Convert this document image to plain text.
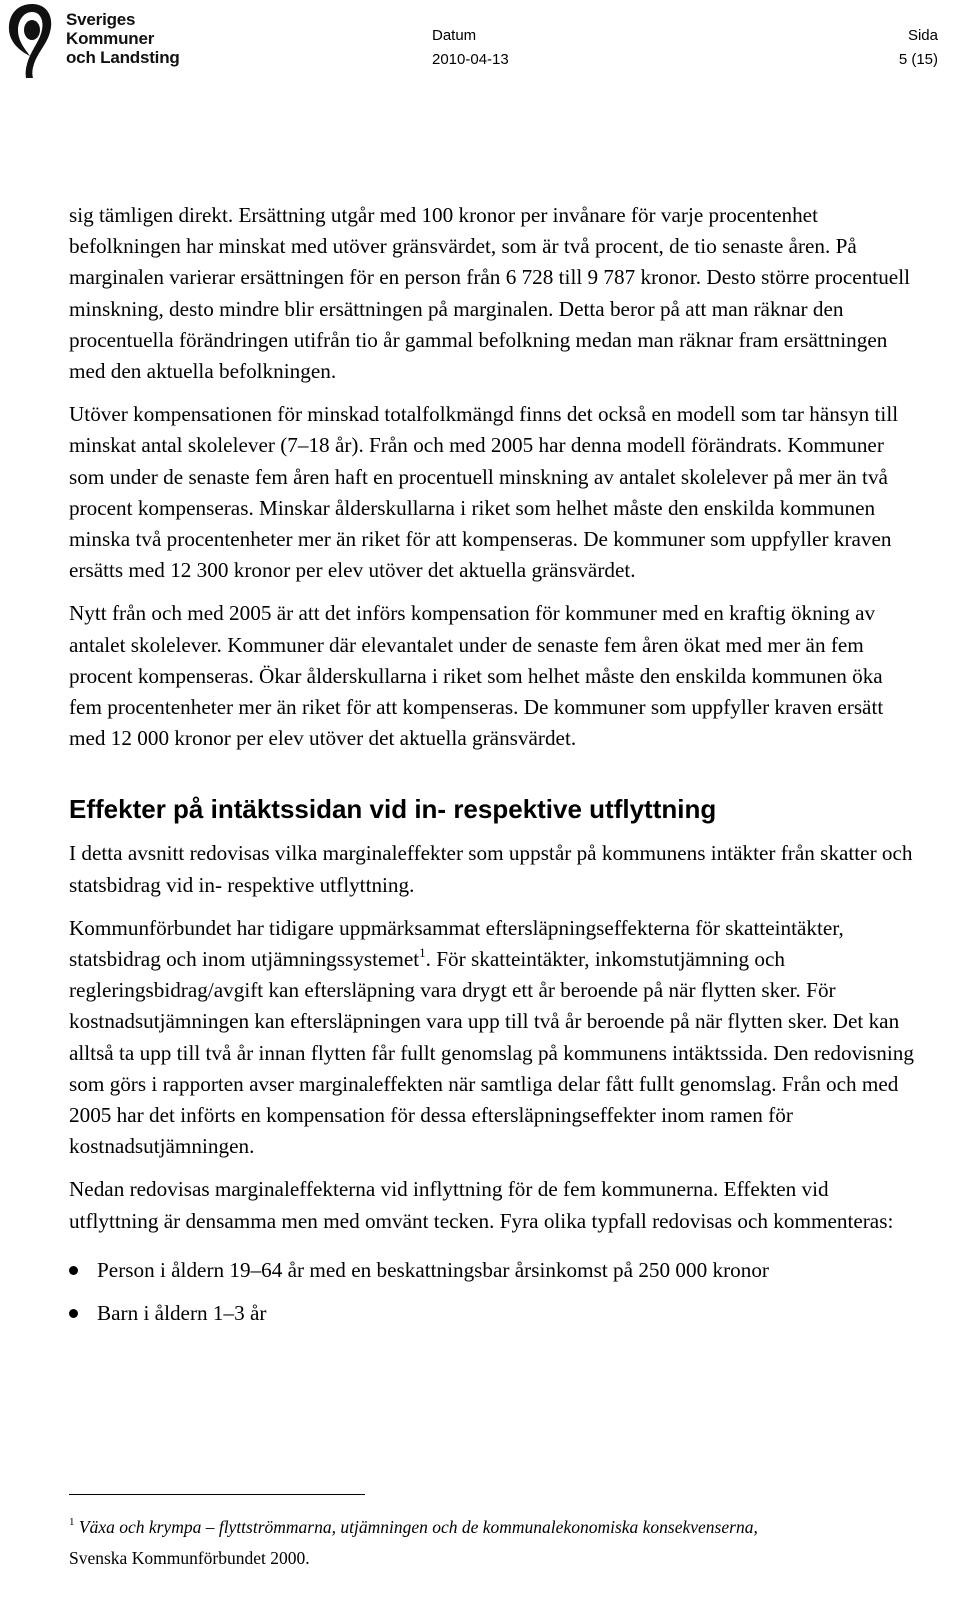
Sveriges
Kommuner
och Landsting
Datum
2010-04-13
Sida
5 (15)

sig tämligen direkt. Ersättning utgår med 100 kronor per invånare för varje procentenhet befolkningen har minskat med utöver gränsvärdet, som är två procent, de tio senaste åren. På marginalen varierar ersättningen för en person från 6 728 till 9 787 kronor. Desto större procentuell minskning, desto mindre blir ersättningen på marginalen. Detta beror på att man räknar den procentuella förändringen utifrån tio år gammal befolkning medan man räknar fram ersättningen med den aktuella befolkningen.

Utöver kompensationen för minskad totalfolkmängd finns det också en modell som tar hänsyn till minskat antal skolelever (7–18 år). Från och med 2005 har denna modell förändrats. Kommuner som under de senaste fem åren haft en procentuell minskning av antalet skolelever på mer än två procent kompenseras. Minskar ålderskullarna i riket som helhet måste den enskilda kommunen minska två procentenheter mer än riket för att kompenseras. De kommuner som uppfyller kraven ersätts med 12 300 kronor per elev utöver det aktuella gränsvärdet.

Nytt från och med 2005 är att det införs kompensation för kommuner med en kraftig ökning av antalet skolelever. Kommuner där elevantalet under de senaste fem åren ökat med mer än fem procent kompenseras. Ökar ålderskullarna i riket som helhet måste den enskilda kommunen öka fem procentenheter mer än riket för att kompenseras. De kommuner som uppfyller kraven ersätt med 12 000 kronor per elev utöver det aktuella gränsvärdet.

Effekter på intäktssidan vid in- respektive utflyttning

I detta avsnitt redovisas vilka marginaleffekter som uppstår på kommunens intäkter från skatter och statsbidrag vid in- respektive utflyttning.

Kommunförbundet har tidigare uppmärksammat eftersläpningseffekterna för skatteintäkter, statsbidrag och inom utjämningssystemet$^1$. För skatteintäkter, inkomstutjämning och regleringsbidrag/avgift kan eftersläpning vara drygt ett år beroende på när flytten sker. För kostnadsutjämningen kan eftersläpningen vara upp till två år beroende på när flytten sker. Det kan alltså ta upp till två år innan flytten får fullt genomslag på kommunens intäktssida. Den redovisning som görs i rapporten avser marginaleffekten när samtliga delar fått fullt genomslag. Från och med 2005 har det införts en kompensation för dessa eftersläpningseffekter inom ramen för kostnadsutjämningen.

Nedan redovisas marginaleffekterna vid inflyttning för de fem kommunerna. Effekten vid utflyttning är densamma men med omvänt tecken. Fyra olika typfall redovisas och kommenteras:

Person i åldern 19–64 år med en beskattningsbar årsinkomst på 250 000 kronor
Barn i åldern 1–3 år
$^1$ Växa och krympa – flyttströmmarna, utjämningen och de kommunalekonomiska konsekvenserna,
Svenska Kommunförbundet 2000.
